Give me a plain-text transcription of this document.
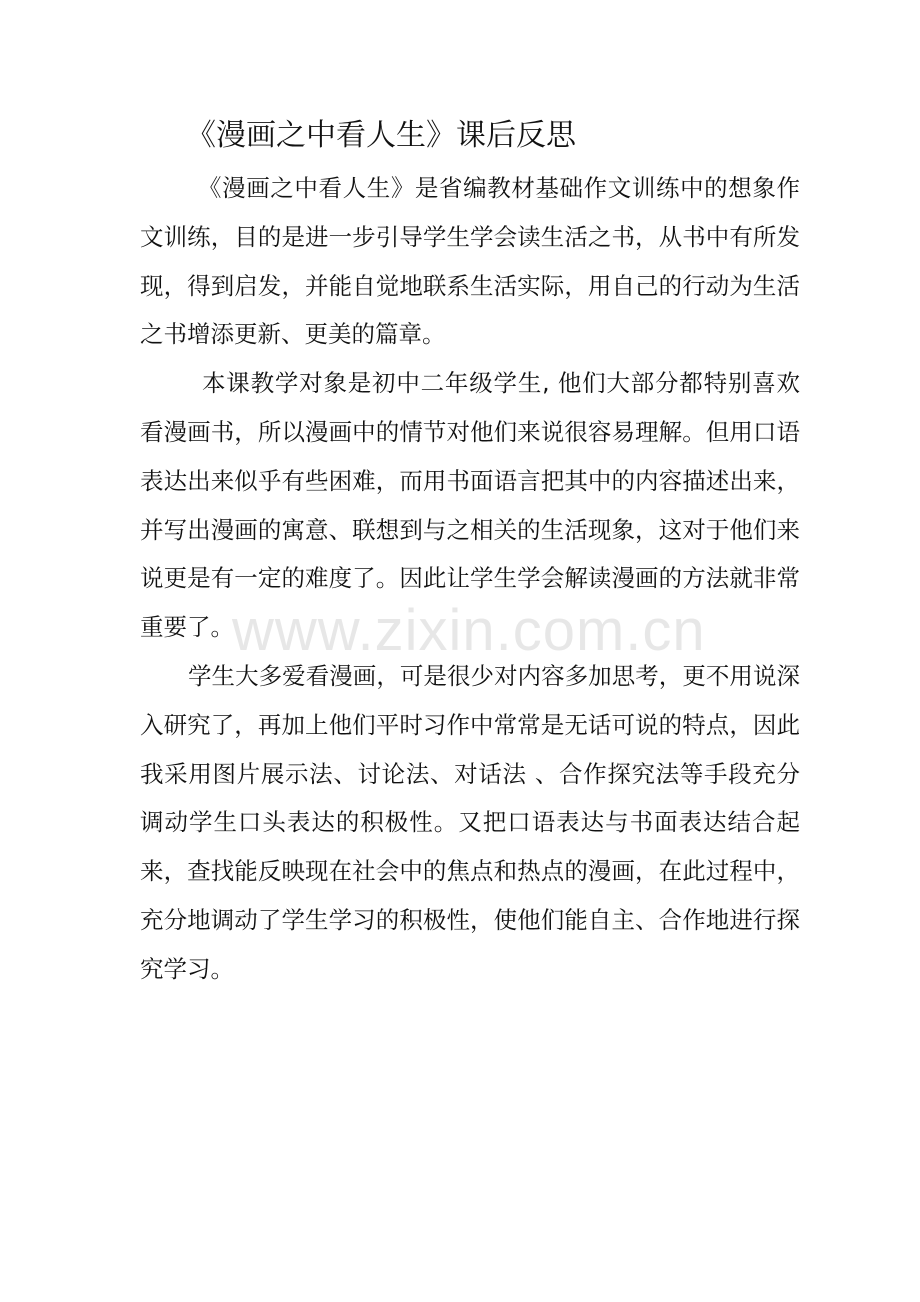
《漫画之中看人生》课后反思

《漫画之中看人生》是省编教材基础作文训练中的想象作文训练，目的是进一步引导学生学会读生活之书，从书中有所发现，得到启发，并能自觉地联系生活实际，用自己的行动为生活之书增添更新、更美的篇章。

本课教学对象是初中二年级学生, 他们大部分都特别喜欢看漫画书，所以漫画中的情节对他们来说很容易理解。但用口语表达出来似乎有些困难，而用书面语言把其中的内容描述出来，并写出漫画的寓意、联想到与之相关的生活现象，这对于他们来说更是有一定的难度了。因此让学生学会解读漫画的方法就非常重要了。

学生大多爱看漫画，可是很少对内容多加思考，更不用说深入研究了，再加上他们平时习作中常常是无话可说的特点，因此我采用图片展示法、讨论法、对话法 、合作探究法等手段充分调动学生口头表达的积极性。又把口语表达与书面表达结合起来，查找能反映现在社会中的焦点和热点的漫画，在此过程中，充分地调动了学生学习的积极性，使他们能自主、合作地进行探究学习。

www.zixin.com.cn
